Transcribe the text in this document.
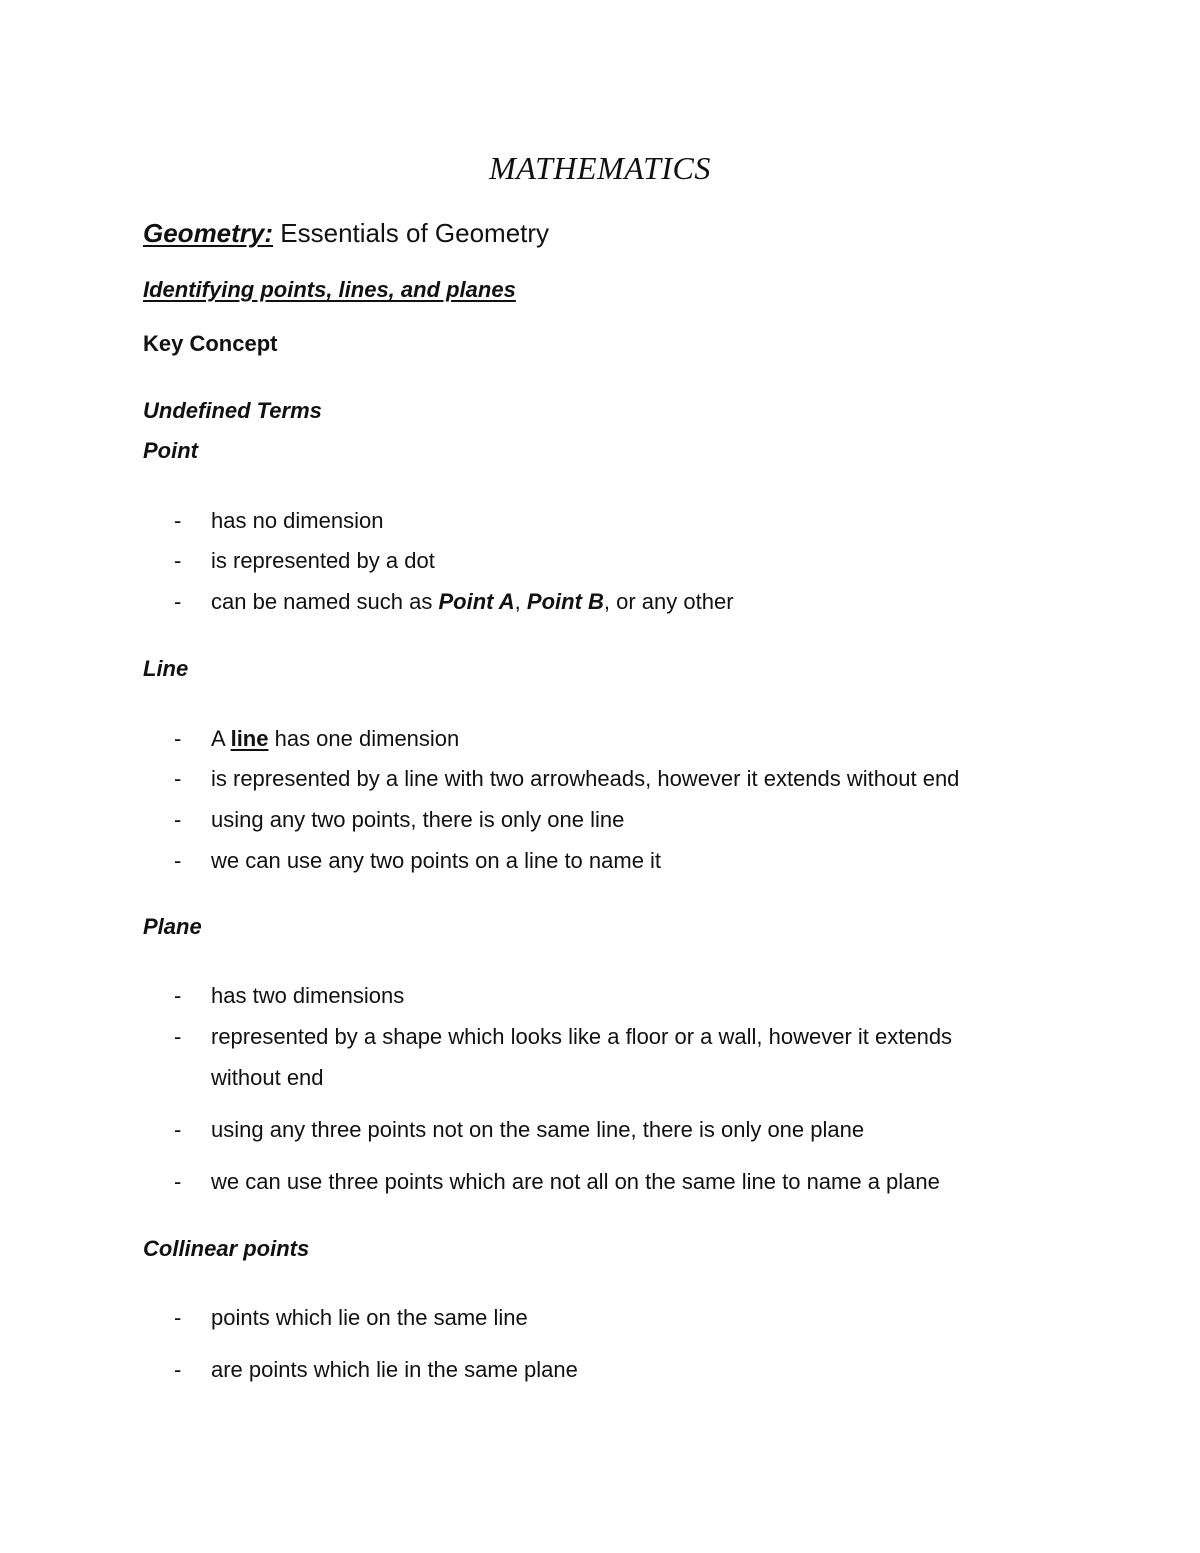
MATHEMATICS
Geometry: Essentials of Geometry
Identifying points, lines, and planes
Key Concept
Undefined Terms
Point
- has no dimension
- is represented by a dot
- can be named such as Point A, Point B, or any other
Line
- A line has one dimension
- is represented by a line with two arrowheads, however it extends without end
- using any two points, there is only one line
- we can use any two points on a line to name it
Plane
- has two dimensions
- represented by a shape which looks like a floor or a wall, however it extends
without end
- using any three points not on the same line, there is only one plane
- we can use three points which are not all on the same line to name a plane
Collinear points
- points which lie on the same line
- are points which lie in the same plane
